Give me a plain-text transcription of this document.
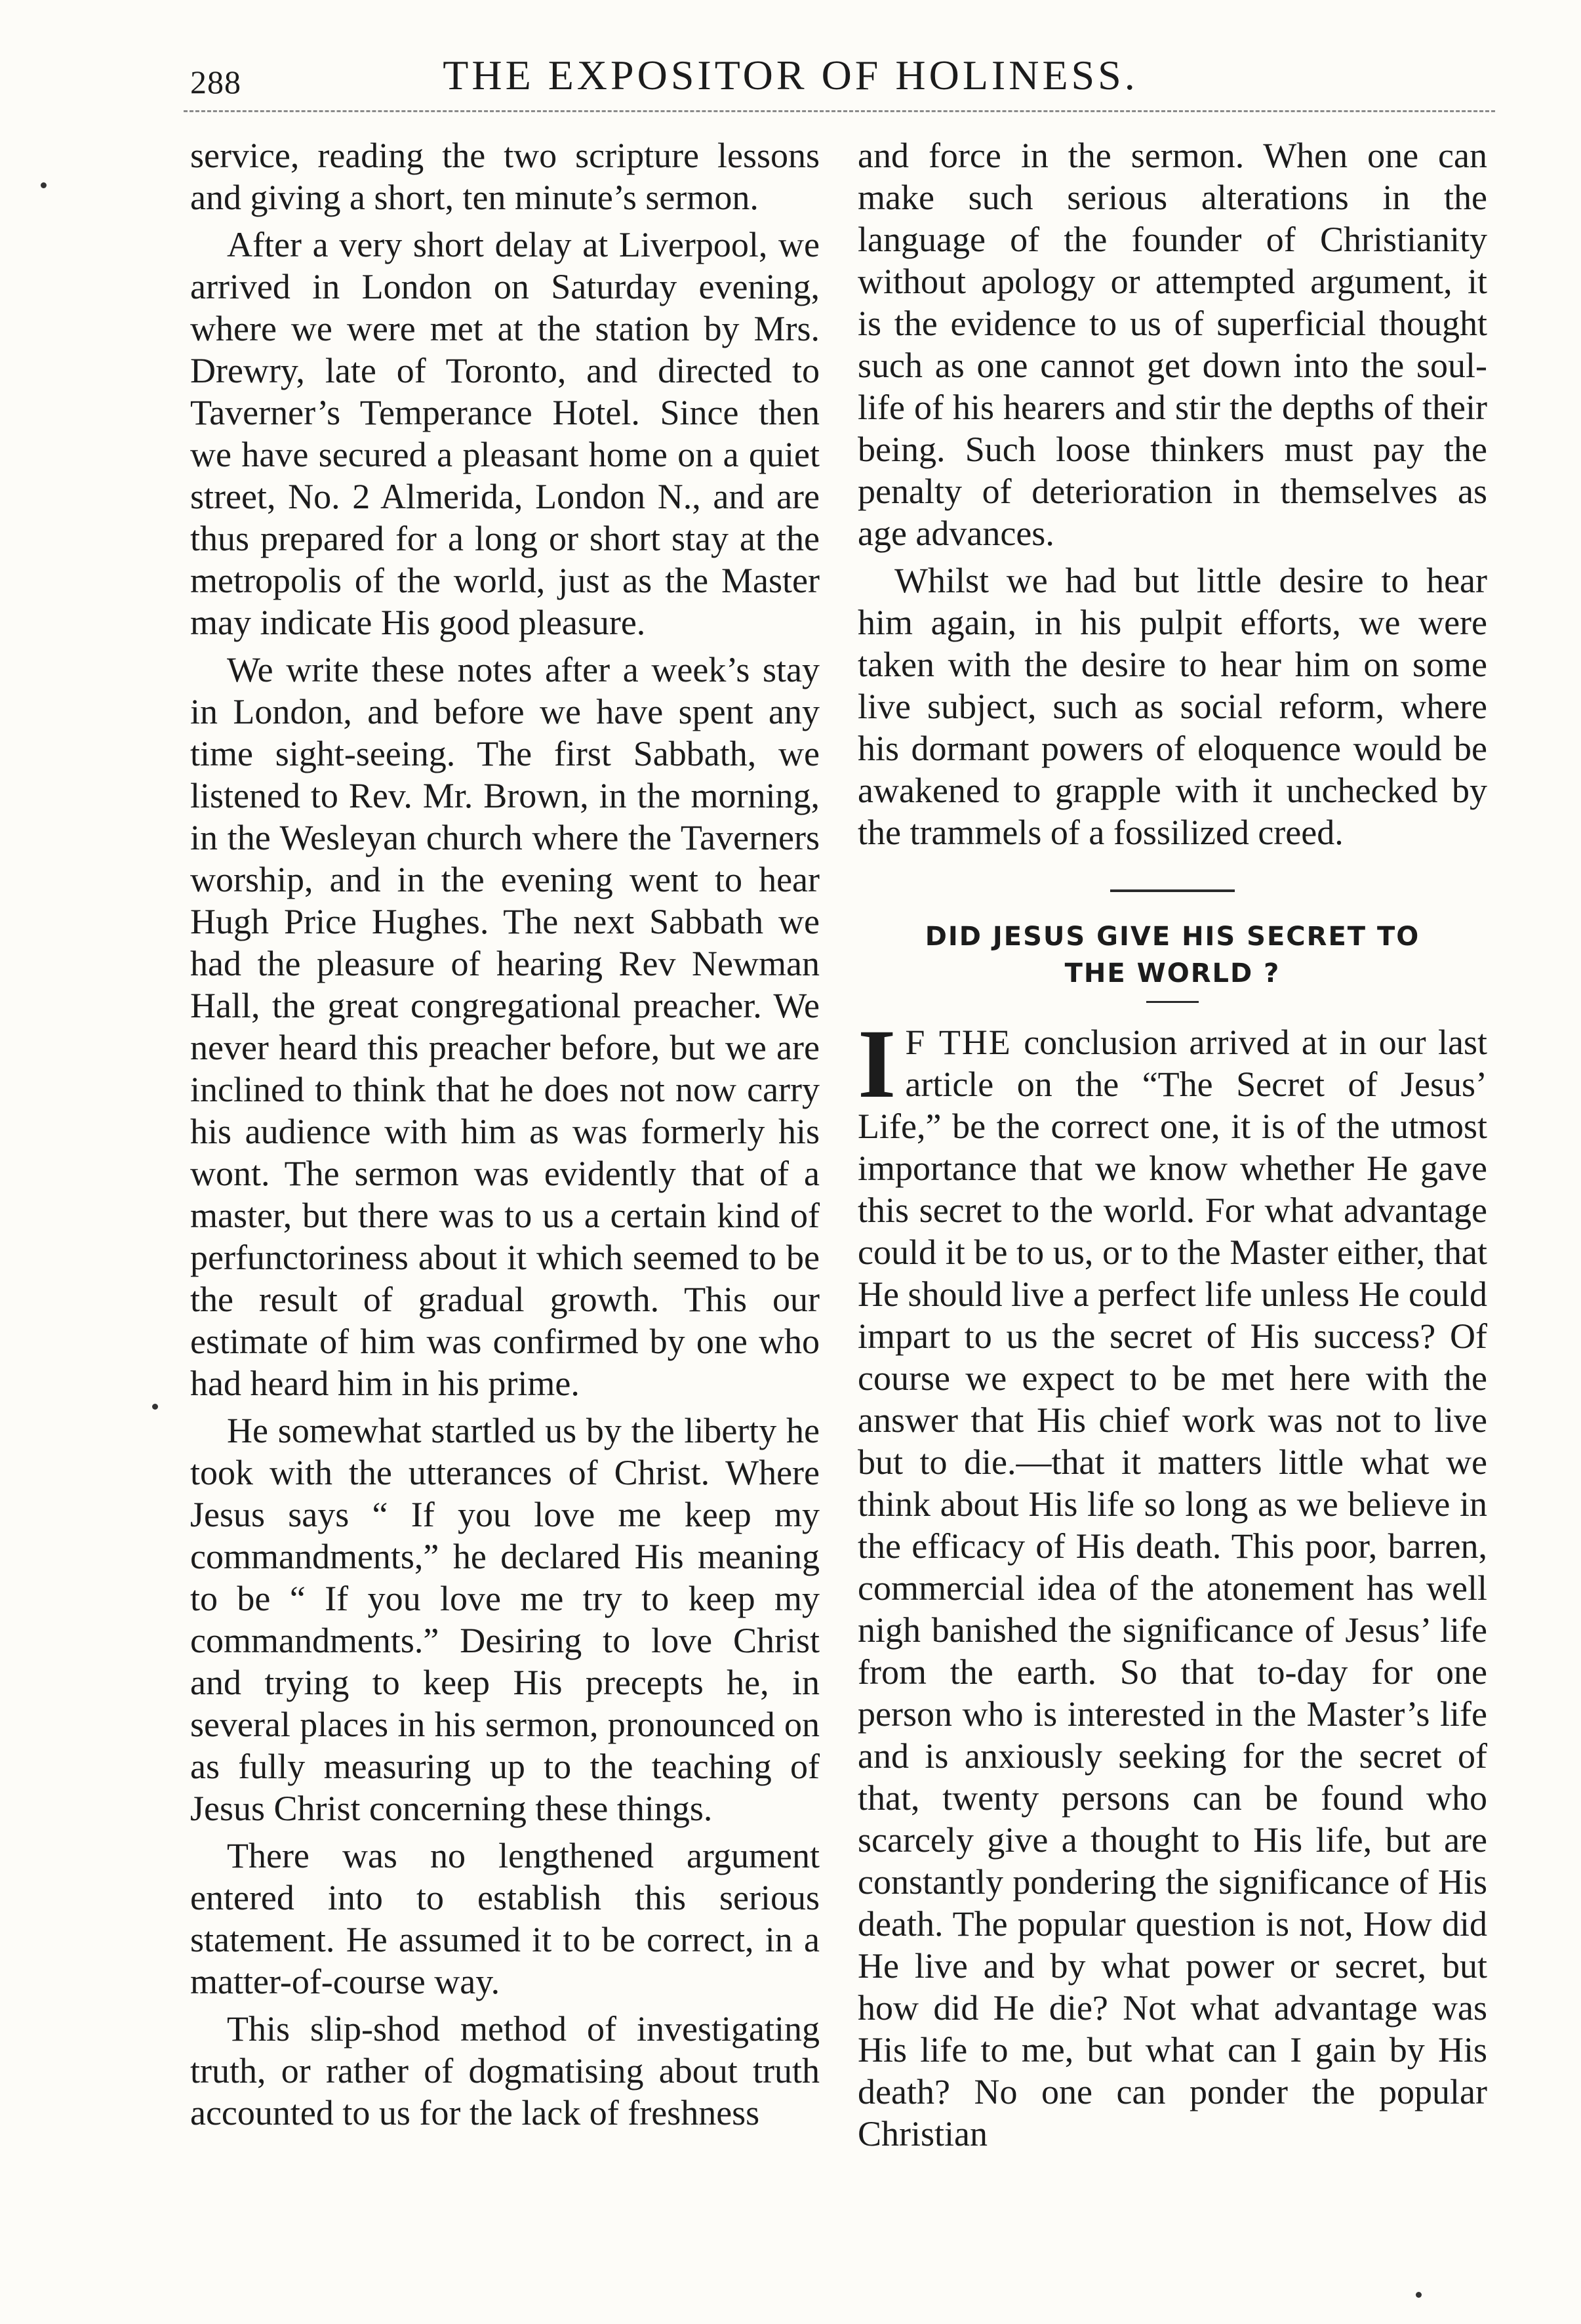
288	THE EXPOSITOR OF HOLINESS.

service, reading the two scripture lessons and giving a short, ten minute’s sermon.

After a very short delay at Liverpool, we arrived in London on Saturday evening, where we were met at the station by Mrs. Drewry, late of Toronto, and directed to Taverner’s Temperance Hotel. Since then we have secured a pleasant home on a quiet street, No. 2 Almerida, London N., and are thus prepared for a long or short stay at the metropolis of the world, just as the Master may indicate His good pleasure.

We write these notes after a week’s stay in London, and before we have spent any time sight-seeing. The first Sabbath, we listened to Rev. Mr. Brown, in the morning, in the Wesleyan church where the Taverners worship, and in the evening went to hear Hugh Price Hughes. The next Sabbath we had the pleasure of hearing Rev Newman Hall, the great congregational preacher. We never heard this preacher before, but we are inclined to think that he does not now carry his audience with him as was formerly his wont. The sermon was evidently that of a master, but there was to us a certain kind of perfunctoriness about it which seemed to be the result of gradual growth. This our estimate of him was confirmed by one who had heard him in his prime.

He somewhat startled us by the liberty he took with the utterances of Christ. Where Jesus says “ If you love me keep my commandments,” he declared His meaning to be “ If you love me try to keep my commandments.” Desiring to love Christ and trying to keep His precepts he, in several places in his sermon, pronounced on as fully measuring up to the teaching of Jesus Christ concerning these things.

There was no lengthened argument entered into to establish this serious statement. He assumed it to be correct, in a matter-of-course way.

This slip-shod method of investigating truth, or rather of dogmatising about truth accounted to us for the lack of freshness

and force in the sermon. When one can make such serious alterations in the language of the founder of Christianity without apology or attempted argument, it is the evidence to us of superficial thought such as one cannot get down into the soul-life of his hearers and stir the depths of their being. Such loose thinkers must pay the penalty of deterioration in themselves as age advances.

Whilst we had but little desire to hear him again, in his pulpit efforts, we were taken with the desire to hear him on some live subject, such as social reform, where his dormant powers of eloquence would be awakened to grapple with it unchecked by the trammels of a fossilized creed.

DID JESUS GIVE HIS SECRET TO
THE WORLD ?

I F THE conclusion arrived at in our last article on the “The Secret of Jesus’ Life,” be the correct one, it is of the utmost importance that we know whether He gave this secret to the world. For what advantage could it be to us, or to the Master either, that He should live a perfect life unless He could impart to us the secret of His success? Of course we expect to be met here with the answer that His chief work was not to live but to die.—that it matters little what we think about His life so long as we believe in the efficacy of His death. This poor, barren, commercial idea of the atonement has well nigh banished the significance of Jesus’ life from the earth. So that to-day for one person who is interested in the Master’s life and is anxiously seeking for the secret of that, twenty persons can be found who scarcely give a thought to His life, but are constantly pondering the significance of His death. The popular question is not, How did He live and by what power or secret, but how did He die? Not what advantage was His life to me, but what can I gain by His death? No one can ponder the popular Christian
